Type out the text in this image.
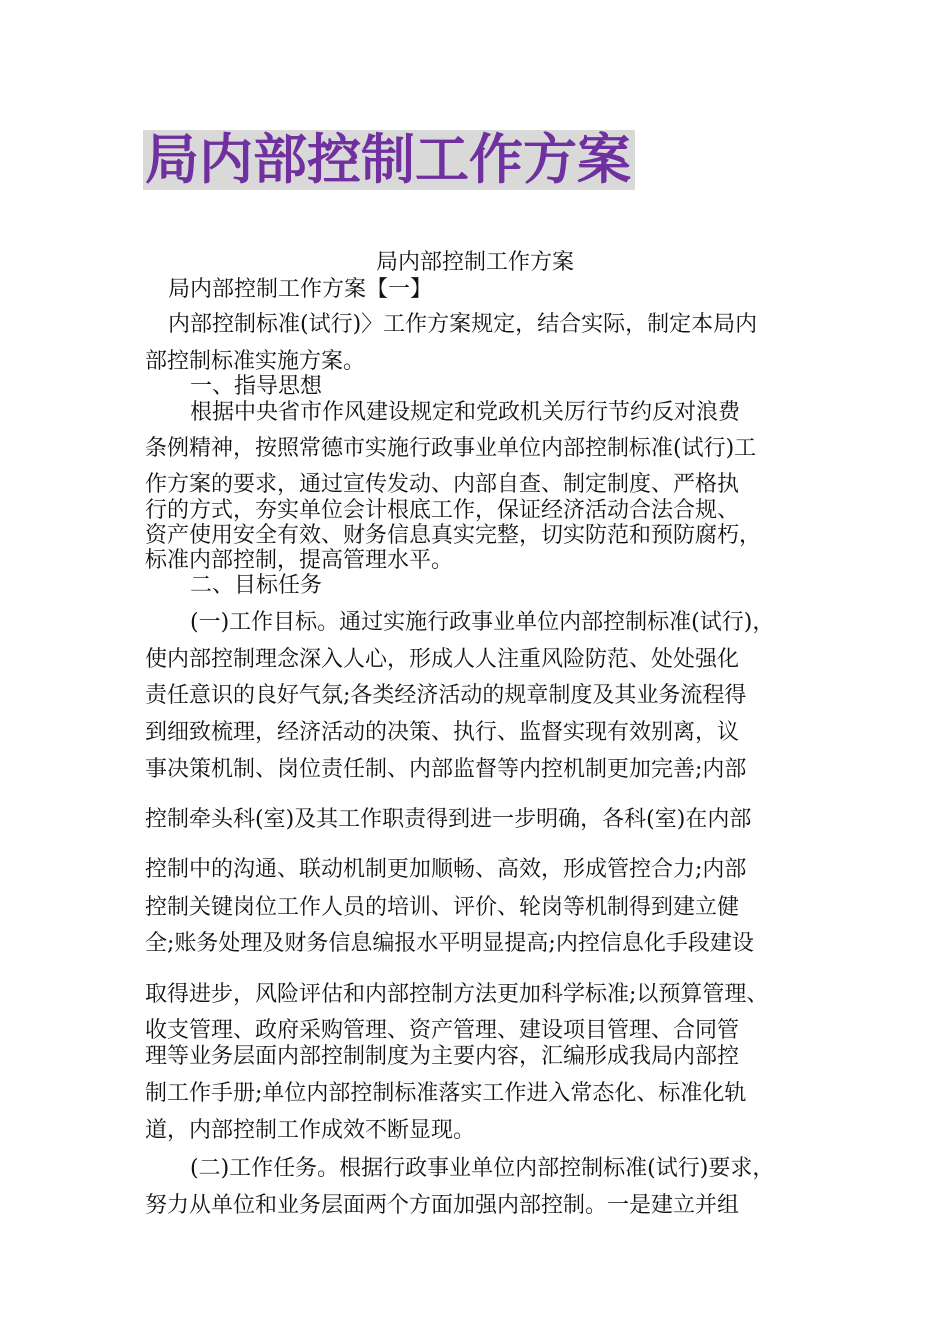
局内部控制工作方案
局内部控制工作方案
局内部控制工作方案【一】
内部控制标准(试行)〉工作方案规定，结合实际，制定本局内
部控制标准实施方案。
一、指导思想
根据中央省市作风建设规定和党政机关厉行节约反对浪费
条例精神，按照常德市实施行政事业单位内部控制标准(试行)工
作方案的要求，通过宣传发动、内部自查、制定制度、严格执
行的方式，夯实单位会计根底工作，保证经济活动合法合规、
资产使用安全有效、财务信息真实完整，切实防范和预防腐朽，
标准内部控制，提高管理水平。
二、目标任务
(一)工作目标。通过实施行政事业单位内部控制标准(试行)，
使内部控制理念深入人心，形成人人注重风险防范、处处强化
责任意识的良好气氛;各类经济活动的规章制度及其业务流程得
到细致梳理，经济活动的决策、执行、监督实现有效别离，议
事决策机制、岗位责任制、内部监督等内控机制更加完善;内部
控制牵头科(室)及其工作职责得到进一步明确，各科(室)在内部
控制中的沟通、联动机制更加顺畅、高效，形成管控合力;内部
控制关键岗位工作人员的培训、评价、轮岗等机制得到建立健
全;账务处理及财务信息编报水平明显提高;内控信息化手段建设
取得进步，风险评估和内部控制方法更加科学标准;以预算管理、
收支管理、政府采购管理、资产管理、建设项目管理、合同管
理等业务层面内部控制制度为主要内容，汇编形成我局内部控
制工作手册;单位内部控制标准落实工作进入常态化、标准化轨
道，内部控制工作成效不断显现。
(二)工作任务。根据行政事业单位内部控制标准(试行)要求，
努力从单位和业务层面两个方面加强内部控制。一是建立并组
